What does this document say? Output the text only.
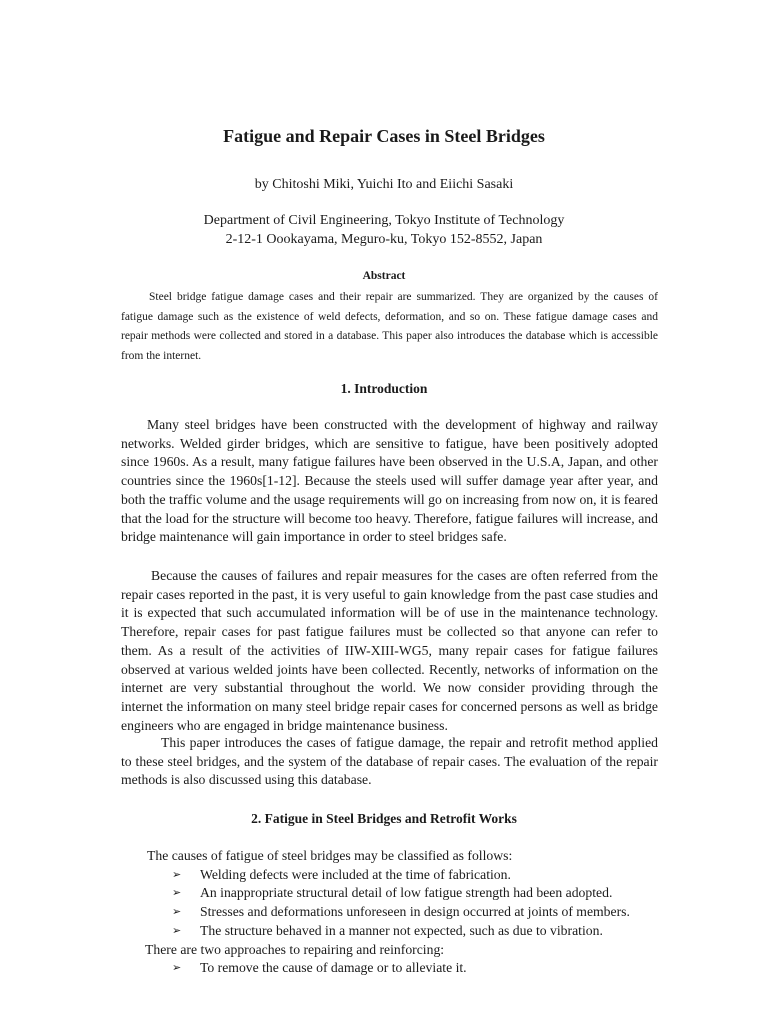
Fatigue and Repair Cases in Steel Bridges
by Chitoshi Miki, Yuichi Ito and Eiichi Sasaki
Department of Civil Engineering, Tokyo Institute of Technology
2-12-1 Oookayama, Meguro-ku, Tokyo 152-8552, Japan
Abstract

Steel bridge fatigue damage cases and their repair are summarized. They are organized by the causes of fatigue damage such as the existence of weld defects, deformation, and so on. These fatigue damage cases and repair methods were collected and stored in a database. This paper also introduces the database which is accessible from the internet.

1. Introduction

Many steel bridges have been constructed with the development of highway and railway networks. Welded girder bridges, which are sensitive to fatigue, have been positively adopted since 1960s. As a result, many fatigue failures have been observed in the U.S.A, Japan, and other countries since the 1960s[1-12]. Because the steels used will suffer damage year after year, and both the traffic volume and the usage requirements will go on increasing from now on, it is feared that the load for the structure will become too heavy. Therefore, fatigue failures will increase, and bridge maintenance will gain importance in order to steel bridges safe.

Because the causes of failures and repair measures for the cases are often referred from the repair cases reported in the past, it is very useful to gain knowledge from the past case studies and it is expected that such accumulated information will be of use in the maintenance technology. Therefore, repair cases for past fatigue failures must be collected so that anyone can refer to them. As a result of the activities of IIW-XIII-WG5, many repair cases for fatigue failures observed at various welded joints have been collected. Recently, networks of information on the internet are very substantial throughout the world. We now consider providing through the internet the information on many steel bridge repair cases for concerned persons as well as bridge engineers who are engaged in bridge maintenance business.

This paper introduces the cases of fatigue damage, the repair and retrofit method applied to these steel bridges, and the system of the database of repair cases. The evaluation of the repair methods is also discussed using this database.

2. Fatigue in Steel Bridges and Retrofit Works
The causes of fatigue of steel bridges may be classified as follows:
➢	Welding defects were included at the time of fabrication.
➢	An inappropriate structural detail of low fatigue strength had been adopted.
➢	Stresses and deformations unforeseen in design occurred at joints of members.
➢	The structure behaved in a manner not expected, such as due to vibration.
There are two approaches to repairing and reinforcing:
➢	To remove the cause of damage or to alleviate it.
